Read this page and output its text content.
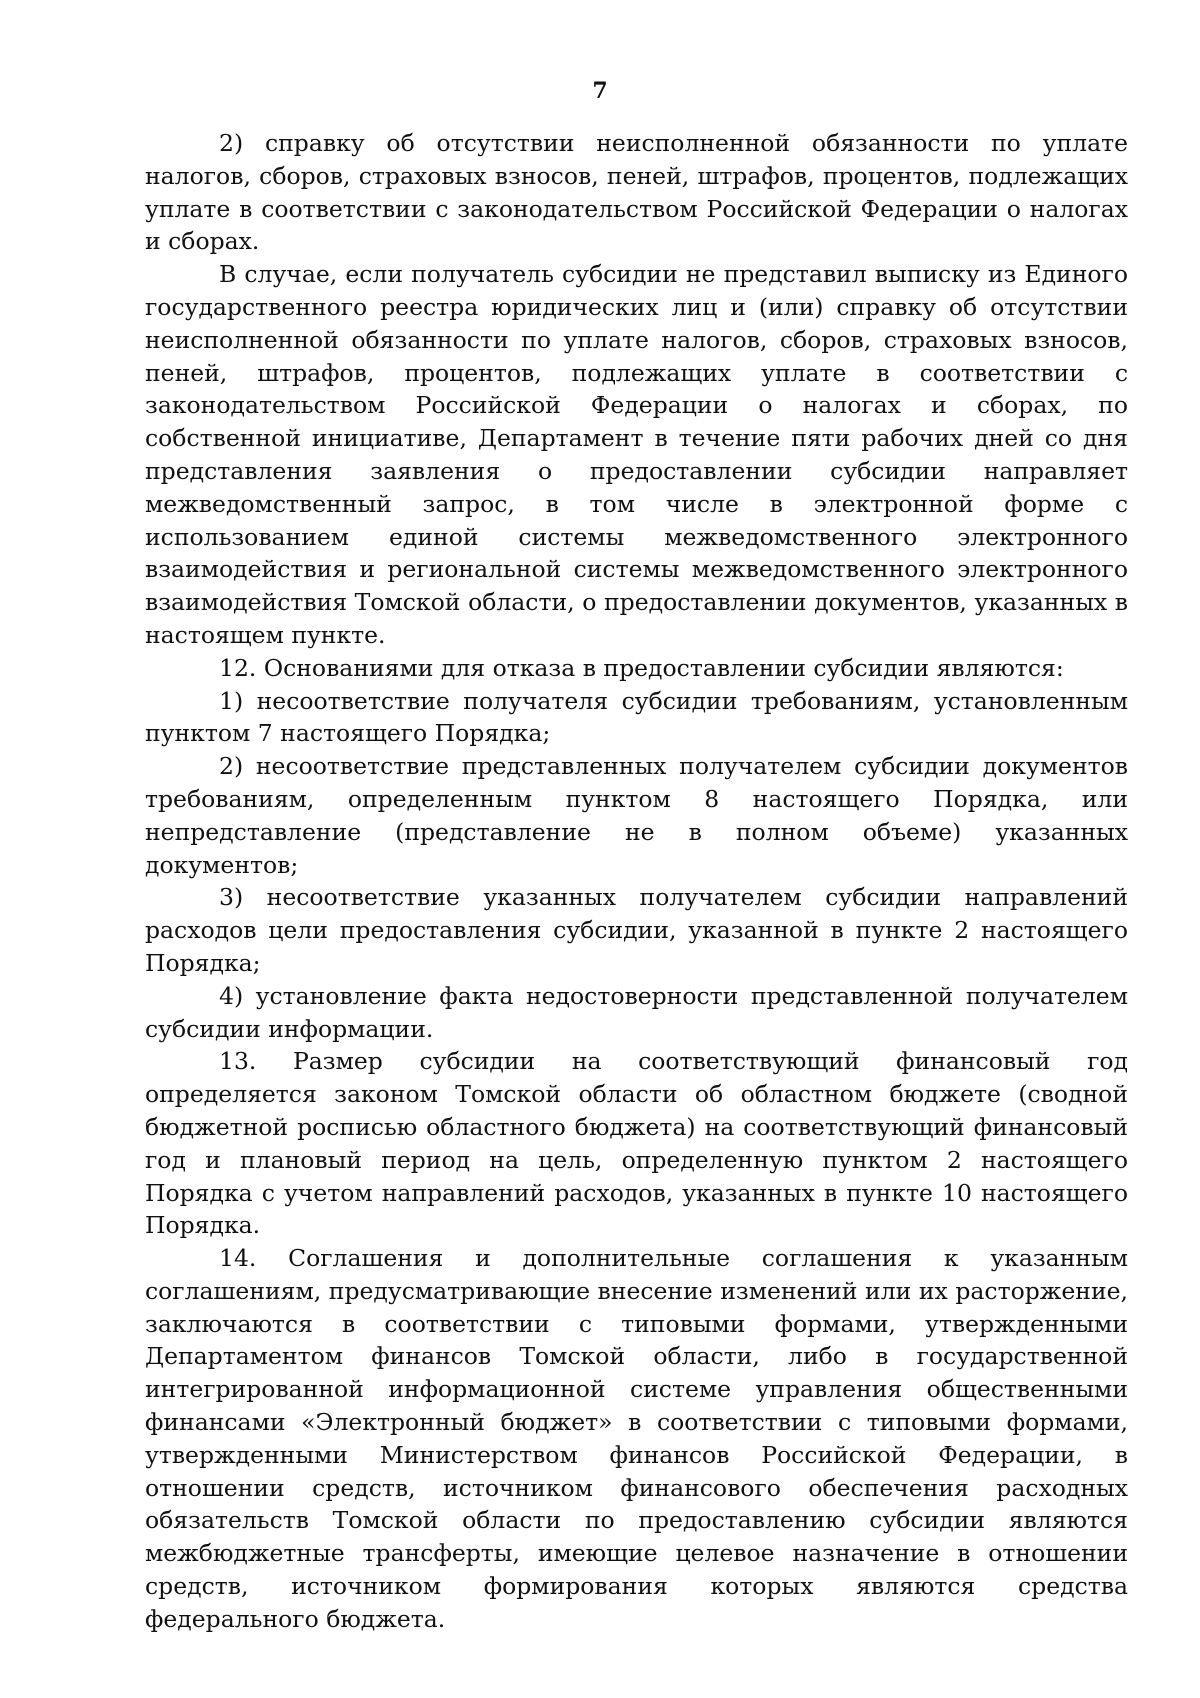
7

2) справку об отсутствии неисполненной обязанности по уплате налогов, сборов, страховых взносов, пеней, штрафов, процентов, подлежащих уплате в соответствии с законодательством Российской Федерации о налогах и сборах.

В случае, если получатель субсидии не представил выписку из Единого государственного реестра юридических лиц и (или) справку об отсутствии неисполненной обязанности по уплате налогов, сборов, страховых взносов, пеней, штрафов, процентов, подлежащих уплате в соответствии с законодательством Российской Федерации о налогах и сборах, по собственной инициативе, Департамент в течение пяти рабочих дней со дня представления заявления о предоставлении субсидии направляет межведомственный запрос, в том числе в электронной форме с использованием единой системы межведомственного электронного взаимодействия и региональной системы межведомственного электронного взаимодействия Томской области, о предоставлении документов, указанных в настоящем пункте.

12. Основаниями для отказа в предоставлении субсидии являются:

1) несоответствие получателя субсидии требованиям, установленным пунктом 7 настоящего Порядка;

2) несоответствие представленных получателем субсидии документов требованиям, определенным пунктом 8 настоящего Порядка, или непредставление (представление не в полном объеме) указанных документов;

3) несоответствие указанных получателем субсидии направлений расходов цели предоставления субсидии, указанной в пункте 2 настоящего Порядка;

4) установление факта недостоверности представленной получателем субсидии информации.

13. Размер субсидии на соответствующий финансовый год определяется законом Томской области об областном бюджете (сводной бюджетной росписью областного бюджета) на соответствующий финансовый год и плановый период на цель, определенную пунктом 2 настоящего Порядка с учетом направлений расходов, указанных в пункте 10 настоящего Порядка.

14. Соглашения и дополнительные соглашения к указанным соглашениям, предусматривающие внесение изменений или их расторжение, заключаются в соответствии с типовыми формами, утвержденными Департаментом финансов Томской области, либо в государственной интегрированной информационной системе управления общественными финансами «Электронный бюджет» в соответствии с типовыми формами, утвержденными Министерством финансов Российской Федерации, в отношении средств, источником финансового обеспечения расходных обязательств Томской области по предоставлению субсидии являются межбюджетные трансферты, имеющие целевое назначение в отношении средств, источником формирования которых являются средства федерального бюджета.
